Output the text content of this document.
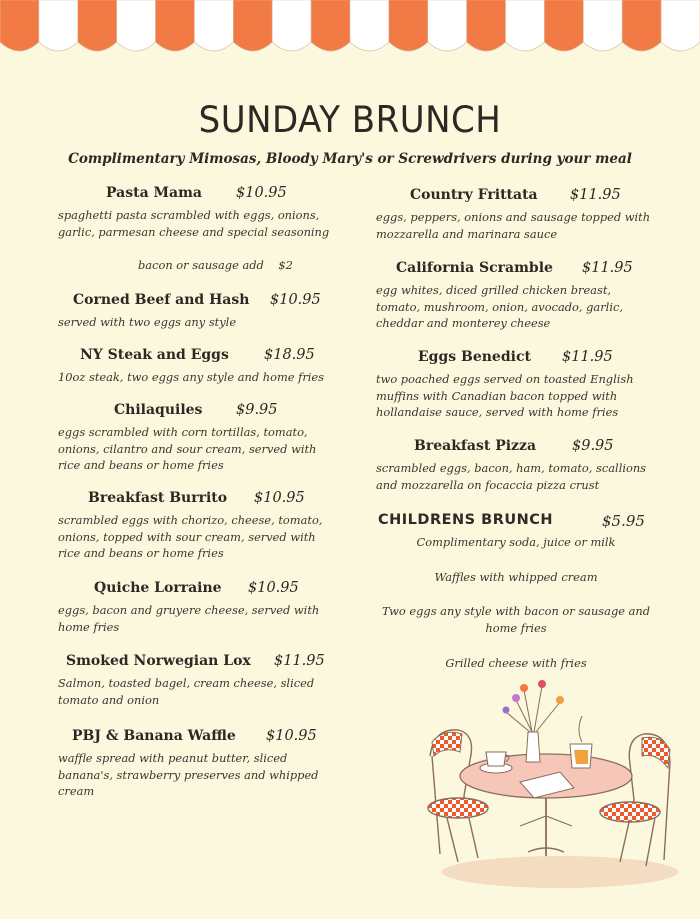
SUNDAY BRUNCH
Complimentary Mimosas, Bloody Mary's or Screwdrivers during your meal
Pasta Mama $10.95
spaghetti pasta scrambled with eggs, onions, garlic, parmesan cheese and special seasoning
Corned Beef and Hash $10.95
served with two eggs any style
NY Steak and Eggs $18.95
10oz steak, two eggs any style and home fries
Chilaquiles $9.95
eggs scrambled with corn tortillas, tomato, onions, cilantro and sour cream, served with rice and beans or home fries
Breakfast Burrito $10.95
scrambled eggs with chorizo, cheese, tomato, onions, topped with sour cream, served with rice and beans or home fries
Quiche Lorraine $10.95
eggs, bacon and gruyere cheese, served with home fries
Smoked Norwegian Lox $11.95
Salmon, toasted bagel, cream cheese, sliced tomato and onion
PBJ & Banana Waffle $10.95
waffle spread with peanut butter, sliced banana's, strawberry preserves and whipped cream
bacon or sausage add $2
Country Frittata $11.95
eggs, peppers, onions and sausage topped with mozzarella and marinara sauce
California Scramble $11.95
egg whites, diced grilled chicken breast, tomato, mushroom, onion, avocado, garlic, cheddar and monterey cheese
Eggs Benedict $11.95
two poached eggs served on toasted English muffins with Canadian bacon topped with hollandaise sauce, served with home fries
Breakfast Pizza $9.95
scrambled eggs, bacon, ham, tomato, scallions and mozzarella on focaccia pizza crust
CHILDRENS BRUNCH	$5.95
Complimentary soda, juice or milk
Waffles with whipped cream
Two eggs any style with bacon or sausage and home fries
Grilled cheese with fries
